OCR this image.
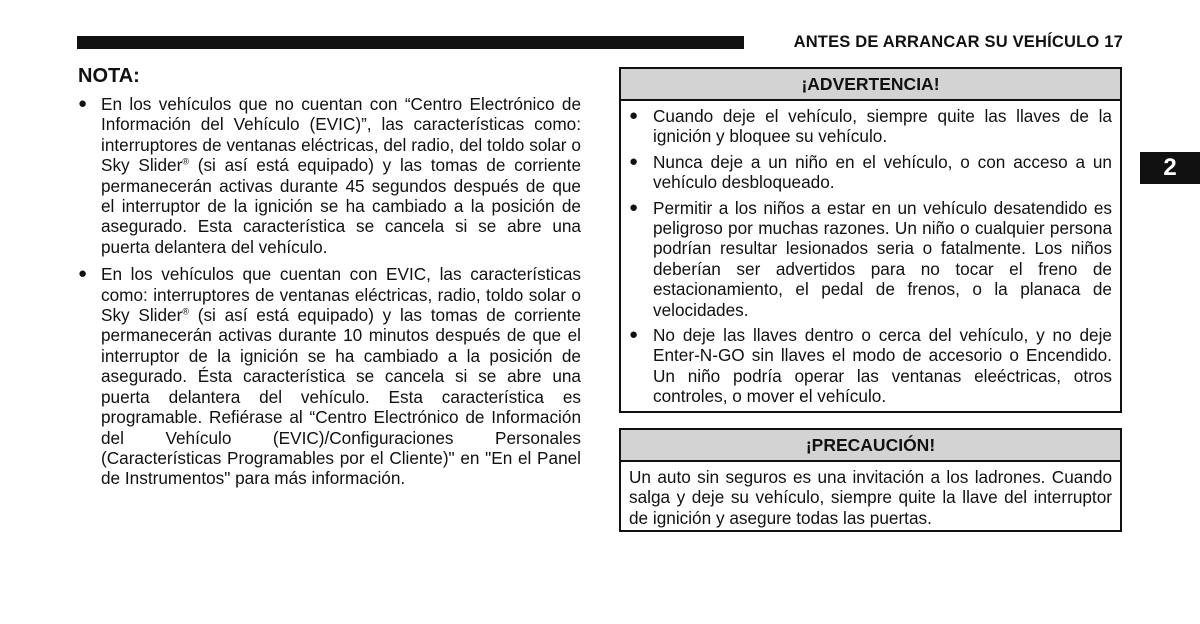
ANTES DE ARRANCAR SU VEHÍCULO 17
2
NOTA:
● En los vehículos que no cuentan con “Centro Electrónico de Información del Vehículo (EVIC)”, las características como: interruptores de ventanas eléctricas, del radio, del toldo solar o Sky Slider® (si así está equipado) y las tomas de corriente permanecerán activas durante 45 segundos después de que el interruptor de la ignición se ha cambiado a la posición de asegurado. Esta característica se cancela si se abre una puerta delantera del vehículo.
● En los vehículos que cuentan con EVIC, las características como: interruptores de ventanas eléctricas, radio, toldo solar o Sky Slider® (si así está equipado) y las tomas de corriente permanecerán activas durante 10 minutos después de que el interruptor de la ignición se ha cambiado a la posición de asegurado. Ésta característica se cancela si se abre una puerta delantera del vehículo. Esta característica es programable. Refiérase al “Centro Electrónico de Información del Vehículo (EVIC)/Configuraciones Personales (Características Programables por el Cliente)" en "En el Panel de Instrumentos" para más información.
¡ADVERTENCIA!
● Cuando deje el vehículo, siempre quite las llaves de la ignición y bloquee su vehículo.
● Nunca deje a un niño en el vehículo, o con acceso a un vehículo desbloqueado.
● Permitir a los niños a estar en un vehículo desatendido es peligroso por muchas razones. Un niño o cualquier persona podrían resultar lesionados seria o fatalmente. Los niños deberían ser advertidos para no tocar el freno de estacionamiento, el pedal de frenos, o la planaca de velocidades.
● No deje las llaves dentro o cerca del vehículo, y no deje Enter-N-GO sin llaves el modo de accesorio o Encendido. Un niño podría operar las ventanas eleéctricas, otros controles, o mover el vehículo.
¡PRECAUCIÓN!

Un auto sin seguros es una invitación a los ladrones. Cuando salga y deje su vehículo, siempre quite la llave del interruptor de ignición y asegure todas las puertas.
